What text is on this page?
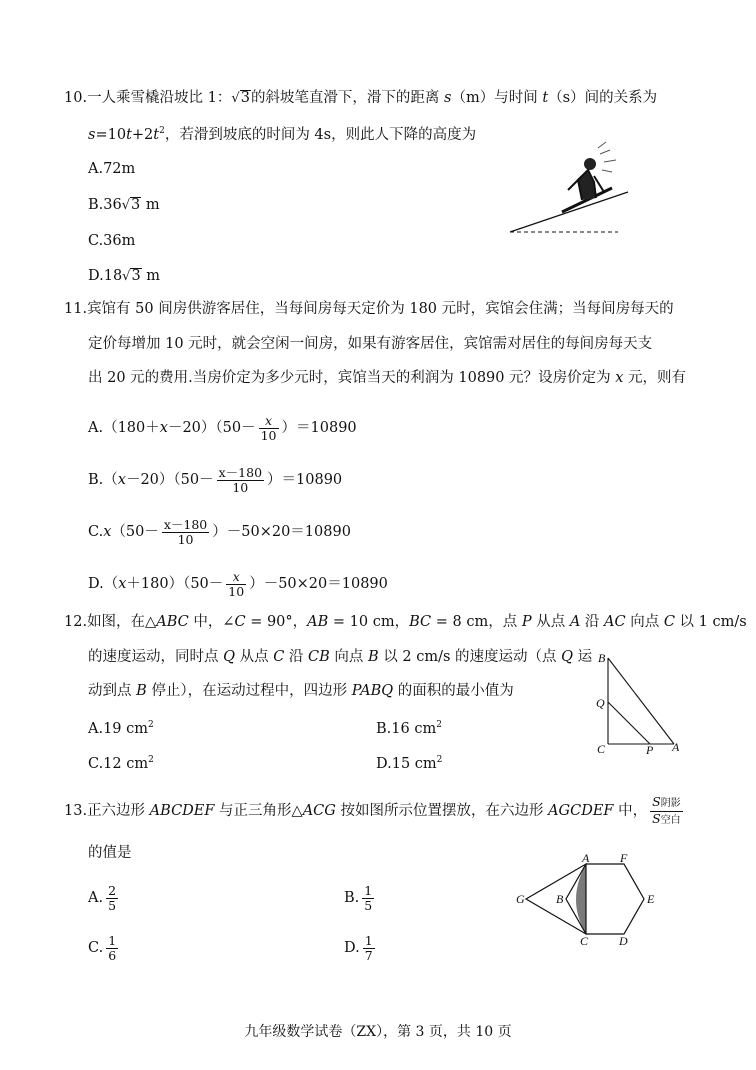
10.一人乘雪橇沿坡比 1：√3的斜坡笔直滑下，滑下的距离 s（m）与时间 t（s）间的关系为
$s=10t+2t^2$，若滑到坡底的时间为 4s，则此人下降的高度为
A.72m
B.36√3 m
C.36m
D.18√3 m
11.宾馆有 50 间房供游客居住，当每间房每天定价为 180 元时，宾馆会住满；当每间房每天的
定价每增加 10 元时，就会空闲一间房，如果有游客居住，宾馆需对居住的每间房每天支
出 20 元的费用.当房价定为多少元时，宾馆当天的利润为 10890 元？设房价定为 x 元，则有
$A.(180+x-20)(50- \frac{x}{10} )=10890$
$B.(x-20)(50- \frac{x-180}{10} )=10890$
$C.x(50- \frac{x-180}{10} )-50\times 20=10890$
$D.(x+180)(50- \frac{x}{10} )-50\times 20=10890$
12.如图，在△ABC 中，∠C = 90°，AB = 10 cm，BC = 8 cm，点 P 从点 A 沿 AC 向点 C 以 1 cm/s
的速度运动，同时点 Q 从点 C 沿 CB 向点 B 以 2 cm/s 的速度运动（点 Q 运
动到点 B 停止），在运动过程中，四边形 PABQ 的面积的最小值为
A.19 $cm^2$	B.16 $cm^2$
C.12 $cm^2$	D.15 $cm^2$
B
Q
C	P A
13.正六边形 ABCDEF 与正三角形△ACG 按如图所示位置摆放，在六边形 AGCDEF 中， $\frac{\text{S阴影}}{\text{S空白}}$
的值是
A. $\frac{2}{5}$	B. $\frac{1}{5}$
C. $\frac{1}{6}$	D. $\frac{1}{7}$
A	F
G	B	E
C	D
九年级数学试卷（ZX），第 3 页，共 10 页
